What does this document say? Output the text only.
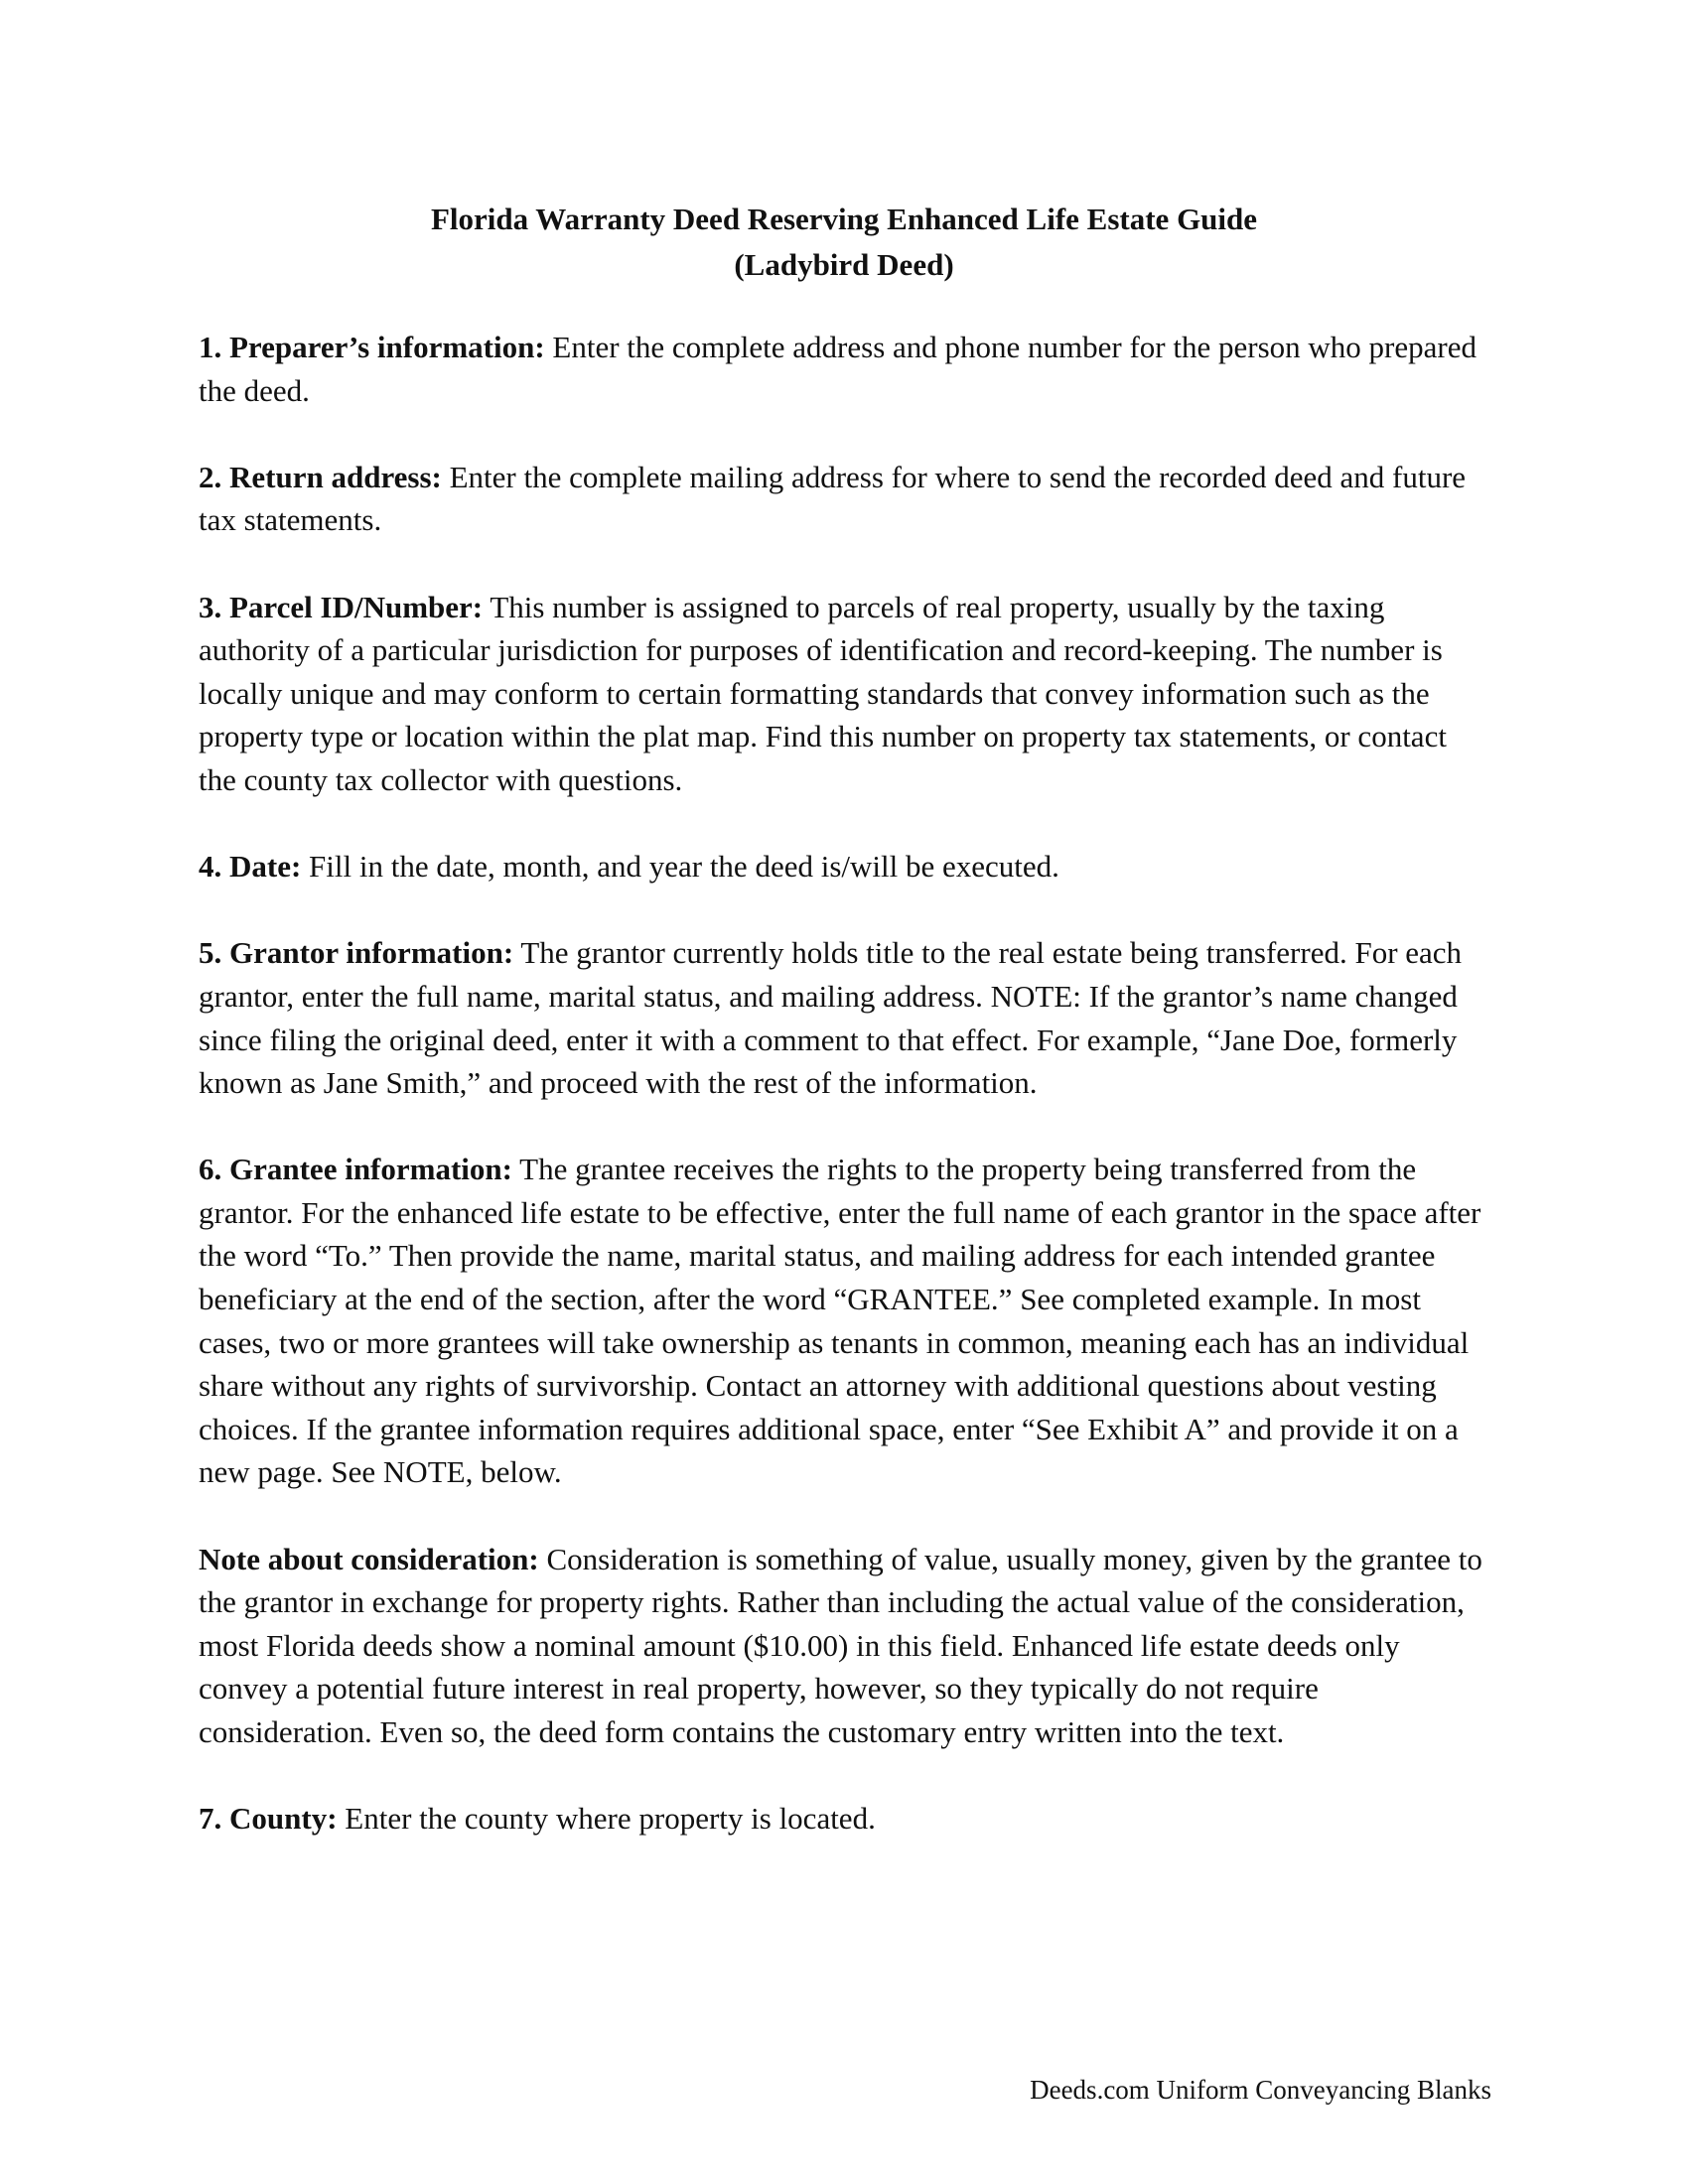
Florida Warranty Deed Reserving Enhanced Life Estate Guide
(Ladybird Deed)

1. Preparer’s information: Enter the complete address and phone number for the person who prepared the deed.

2. Return address: Enter the complete mailing address for where to send the recorded deed and future tax statements.

3. Parcel ID/Number: This number is assigned to parcels of real property, usually by the taxing authority of a particular jurisdiction for purposes of identification and record-keeping. The number is locally unique and may conform to certain formatting standards that convey information such as the property type or location within the plat map. Find this number on property tax statements, or contact the county tax collector with questions.

4. Date: Fill in the date, month, and year the deed is/will be executed.

5. Grantor information: The grantor currently holds title to the real estate being transferred. For each grantor, enter the full name, marital status, and mailing address. NOTE: If the grantor’s name changed since filing the original deed, enter it with a comment to that effect. For example, “Jane Doe, formerly known as Jane Smith,” and proceed with the rest of the information.

6. Grantee information: The grantee receives the rights to the property being transferred from the grantor. For the enhanced life estate to be effective, enter the full name of each grantor in the space after the word “To.” Then provide the name, marital status, and mailing address for each intended grantee beneficiary at the end of the section, after the word “GRANTEE.” See completed example. In most cases, two or more grantees will take ownership as tenants in common, meaning each has an individual share without any rights of survivorship. Contact an attorney with additional questions about vesting choices. If the grantee information requires additional space, enter “See Exhibit A” and provide it on a new page. See NOTE, below.

Note about consideration: Consideration is something of value, usually money, given by the grantee to the grantor in exchange for property rights. Rather than including the actual value of the consideration, most Florida deeds show a nominal amount ($10.00) in this field. Enhanced life estate deeds only convey a potential future interest in real property, however, so they typically do not require consideration. Even so, the deed form contains the customary entry written into the text.

7. County: Enter the county where property is located.

Deeds.com Uniform Conveyancing Blanks
